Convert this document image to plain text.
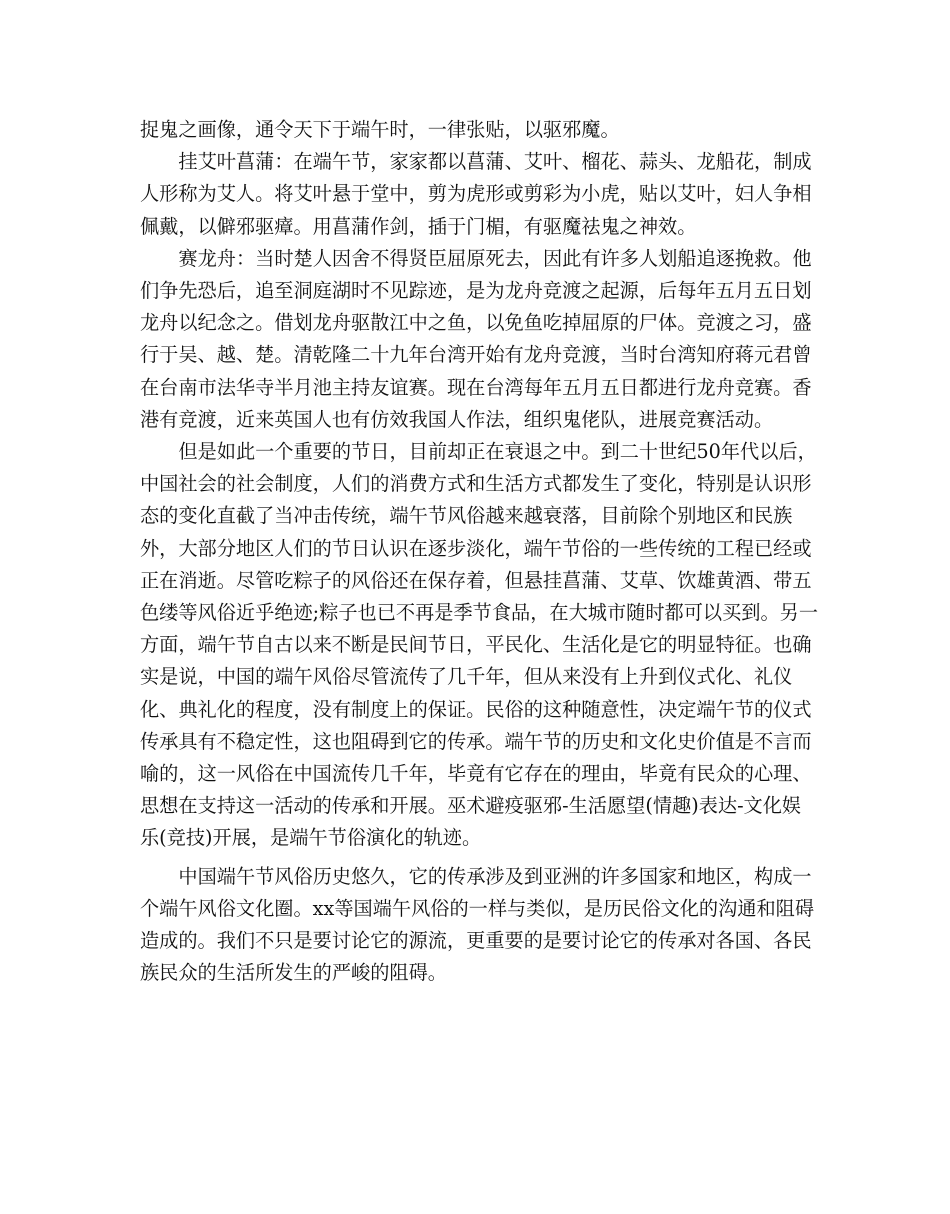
捉鬼之画像，通令天下于端午时，一律张贴，以驱邪魔。

挂艾叶菖蒲：在端午节，家家都以菖蒲、艾叶、榴花、蒜头、龙船花，制成人形称为艾人。将艾叶悬于堂中，剪为虎形或剪彩为小虎，贴以艾叶，妇人争相佩戴，以僻邪驱瘴。用菖蒲作剑，插于门楣，有驱魔祛鬼之神效。

赛龙舟：当时楚人因舍不得贤臣屈原死去，因此有许多人划船追逐挽救。他们争先恐后，追至洞庭湖时不见踪迹，是为龙舟竞渡之起源，后每年五月五日划龙舟以纪念之。借划龙舟驱散江中之鱼，以免鱼吃掉屈原的尸体。竞渡之习，盛行于吴、越、楚。清乾隆二十九年台湾开始有龙舟竞渡，当时台湾知府蒋元君曾在台南市法华寺半月池主持友谊赛。现在台湾每年五月五日都进行龙舟竞赛。香港有竞渡，近来英国人也有仿效我国人作法，组织鬼佬队，进展竞赛活动。

但是如此一个重要的节日，目前却正在衰退之中。到二十世纪50年代以后，中国社会的社会制度，人们的消费方式和生活方式都发生了变化，特别是认识形态的变化直截了当冲击传统，端午节风俗越来越衰落，目前除个别地区和民族外，大部分地区人们的节日认识在逐步淡化，端午节俗的一些传统的工程已经或正在消逝。尽管吃粽子的风俗还在保存着，但悬挂菖蒲、艾草、饮雄黄酒、带五色缕等风俗近乎绝迹;粽子也已不再是季节食品，在大城市随时都可以买到。另一方面，端午节自古以来不断是民间节日，平民化、生活化是它的明显特征。也确实是说，中国的端午风俗尽管流传了几千年，但从来没有上升到仪式化、礼仪化、典礼化的程度，没有制度上的保证。民俗的这种随意性，决定端午节的仪式传承具有不稳定性，这也阻碍到它的传承。端午节的历史和文化史价值是不言而喻的，这一风俗在中国流传几千年，毕竟有它存在的理由，毕竟有民众的心理、思想在支持这一活动的传承和开展。巫术避疫驱邪-生活愿望(情趣)表达-文化娱乐(竞技)开展，是端午节俗演化的轨迹。

中国端午节风俗历史悠久，它的传承涉及到亚洲的许多国家和地区，构成一个端午风俗文化圈。xx等国端午风俗的一样与类似，是历民俗文化的沟通和阻碍造成的。我们不只是要讨论它的源流，更重要的是要讨论它的传承对各国、各民族民众的生活所发生的严峻的阻碍。
